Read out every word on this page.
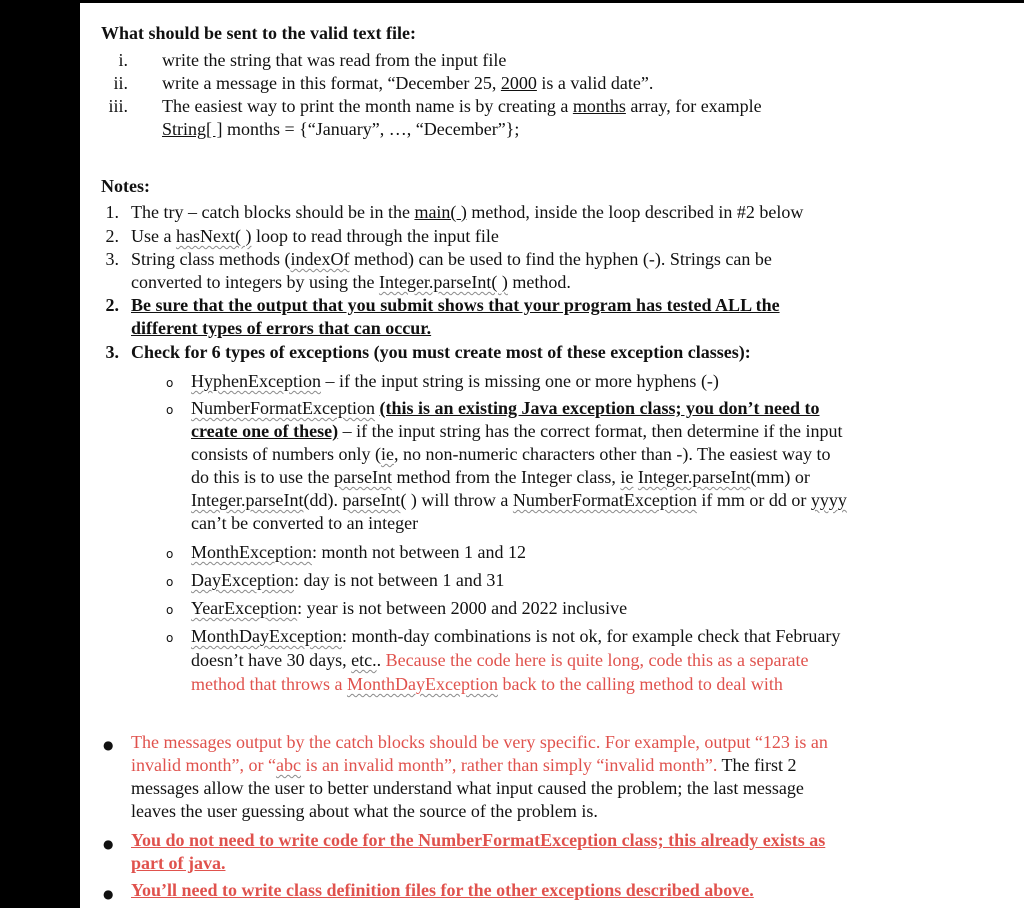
What should be sent to the valid text file:
i. write the string that was read from the input file
ii. write a message in this format, “December 25, 2000 is a valid date”.
iii. The easiest way to print the month name is by creating a months array, for example
String[ ] months = {“January”, …, “December”};
Notes:
1. The try – catch blocks should be in the main( ) method, inside the loop described in #2 below
2. Use a hasNext( ) loop to read through the input file
3. String class methods (indexOf method) can be used to find the hyphen (-). Strings can be
converted to integers by using the Integer.parseInt( ) method.
2. Be sure that the output that you submit shows that your program has tested ALL the
different types of errors that can occur.
3. Check for 6 types of exceptions (you must create most of these exception classes):
o HyphenException – if the input string is missing one or more hyphens (-)
o NumberFormatException (this is an existing Java exception class; you don’t need to
create one of these) – if the input string has the correct format, then determine if the input
consists of numbers only (ie, no non-numeric characters other than -). The easiest way to
do this is to use the parseInt method from the Integer class, ie Integer.parseInt(mm) or
Integer.parseInt(dd). parseInt( ) will throw a NumberFormatException if mm or dd or yyyy
can’t be converted to an integer
o MonthException: month not between 1 and 12
o DayException: day is not between 1 and 31
o YearException: year is not between 2000 and 2022 inclusive
o MonthDayException: month-day combinations is not ok, for example check that February
doesn’t have 30 days, etc.. Because the code here is quite long, code this as a separate
method that throws a MonthDayException back to the calling method to deal with
● The messages output by the catch blocks should be very specific. For example, output “123 is an
invalid month”, or “abc is an invalid month”, rather than simply “invalid month”. The first 2
messages allow the user to better understand what input caused the problem; the last message
leaves the user guessing about what the source of the problem is.
● You do not need to write code for the NumberFormatException class; this already exists as
part of java.
● You’ll need to write class definition files for the other exceptions described above.
